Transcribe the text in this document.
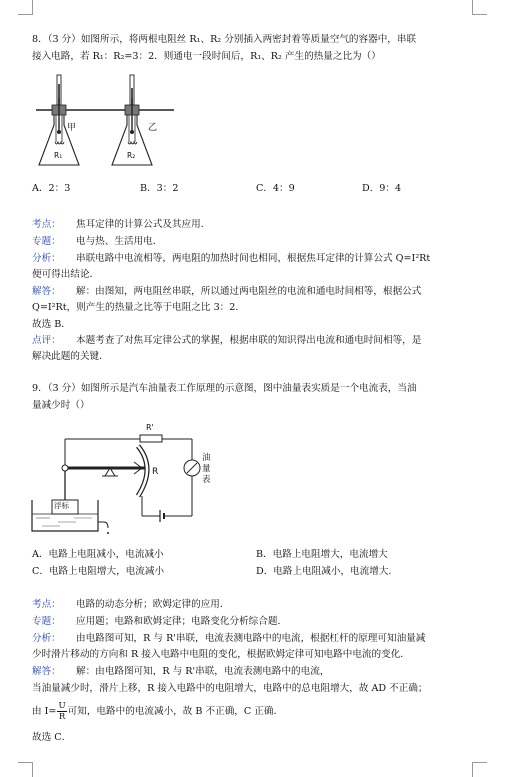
8．（3 分）如图所示，将两根电阻丝 R₁、R₂ 分别插入两密封着等质量空气的容器中，串联
接入电路，若 R₁：R₂=3：2．则通电一段时间后，R₁、R₂ 产生的热量之比为（）
甲
R₁
乙
R₂
A．2：3	B．3：2	C．4：9	D．9：4
考点： 焦耳定律的计算公式及其应用．
专题： 电与热、生活用电．
分析： 串联电路中电流相等，两电阻的加热时间也相同，根据焦耳定律的计算公式 Q=I²Rt
便可得出结论．
解答： 解：由图知，两电阻丝串联，所以通过两电阻丝的电流和通电时间相等，根据公式
Q=I²Rt，则产生的热量之比等于电阻之比 3：2．
故选 B．
点评： 本题考查了对焦耳定律公式的掌握，根据串联的知识得出电流和通电时间相等，是
解决此题的关键．
9．（3 分）如图所示是汽车油量表工作原理的示意图，图中油量表实质是一个电流表，当油
量减少时（）
R'
R
油
量
表
浮标
A．电路上电阻减小，电流减小	B．电路上电阻增大，电流增大
C．电路上电阻增大，电流减小	D．电路上电阻减小，电流增大.
考点： 电路的动态分析；欧姆定律的应用．
专题： 应用题；电路和欧姆定律；电路变化分析综合题．
分析： 由电路图可知，R 与 R'串联，电流表测电路中的电流，根据杠杆的原理可知油量减
少时滑片移动的方向和 R 接入电路中电阻的变化，根据欧姆定律可知电路中电流的变化．
解答： 解：由电路图可知，R 与 R'串联，电流表测电路中的电流，
当油量减少时，滑片上移，R 接入电路中的电阻增大，电路中的总电阻增大，故 AD 不正确；
由 $I= \frac{U}{R}$ 可知，电路中的电流减小，故 B 不正确，C 正确．
故选 C．
